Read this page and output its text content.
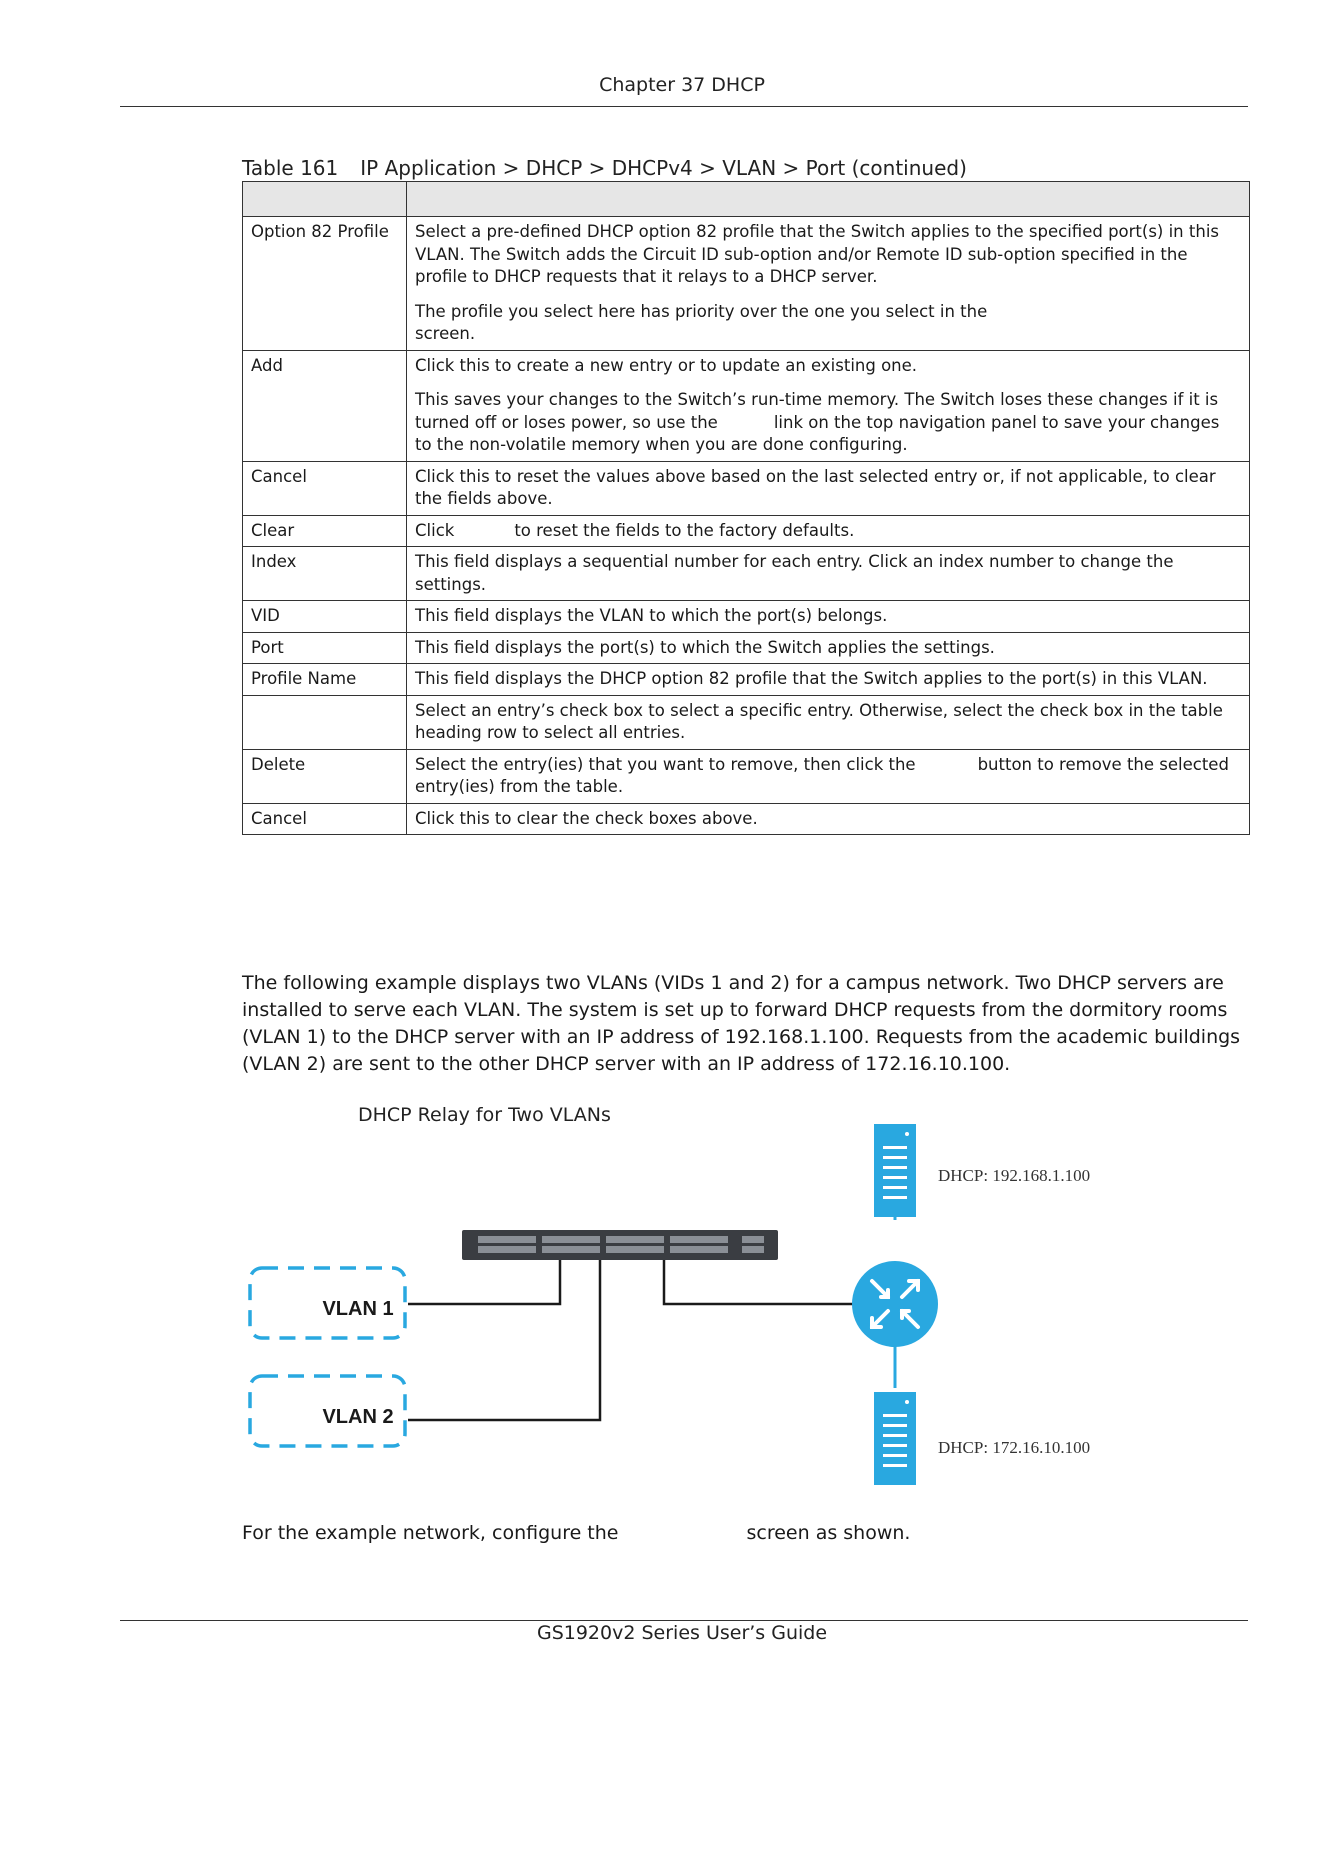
Chapter 37 DHCP
Table 161 IP Application > DHCP > DHCPv4 > VLAN > Port (continued)

Option 82 Profile	Select a pre-defined DHCP option 82 profile that the Switch applies to the specified port(s) in this VLAN. The Switch adds the Circuit ID sub-option and/or Remote ID sub-option specified in the profile to DHCP requests that it relays to a DHCP server.

The profile you select here has priority over the one you select in the
screen.

Add	Click this to create a new entry or to update an existing one.

This saves your changes to the Switch’s run-time memory. The Switch loses these changes if it is turned off or loses power, so use the link on the top navigation panel to save your changes to the non-volatile memory when you are done configuring.

Cancel	Click this to reset the values above based on the last selected entry or, if not applicable, to clear the fields above.
Clear	Click to reset the fields to the factory defaults.
Index	This field displays a sequential number for each entry. Click an index number to change the settings.
VID	This field displays the VLAN to which the port(s) belongs.
Port	This field displays the port(s) to which the Switch applies the settings.
Profile Name	This field displays the DHCP option 82 profile that the Switch applies to the port(s) in this VLAN.
	Select an entry’s check box to select a specific entry. Otherwise, select the check box in the table heading row to select all entries.
Delete	Select the entry(ies) that you want to remove, then click the button to remove the selected entry(ies) from the table.
Cancel	Click this to clear the check boxes above.
The following example displays two VLANs (VIDs 1 and 2) for a campus network. Two DHCP servers are installed to serve each VLAN. The system is set up to forward DHCP requests from the dormitory rooms (VLAN 1) to the DHCP server with an IP address of 192.168.1.100. Requests from the academic buildings (VLAN 2) are sent to the other DHCP server with an IP address of 172.16.10.100.
DHCP Relay for Two VLANs
VLAN 1
VLAN 2
DHCP: 192.168.1.100
DHCP: 172.16.10.100
For the example network, configure the	screen as shown.
GS1920v2 Series User’s Guide
